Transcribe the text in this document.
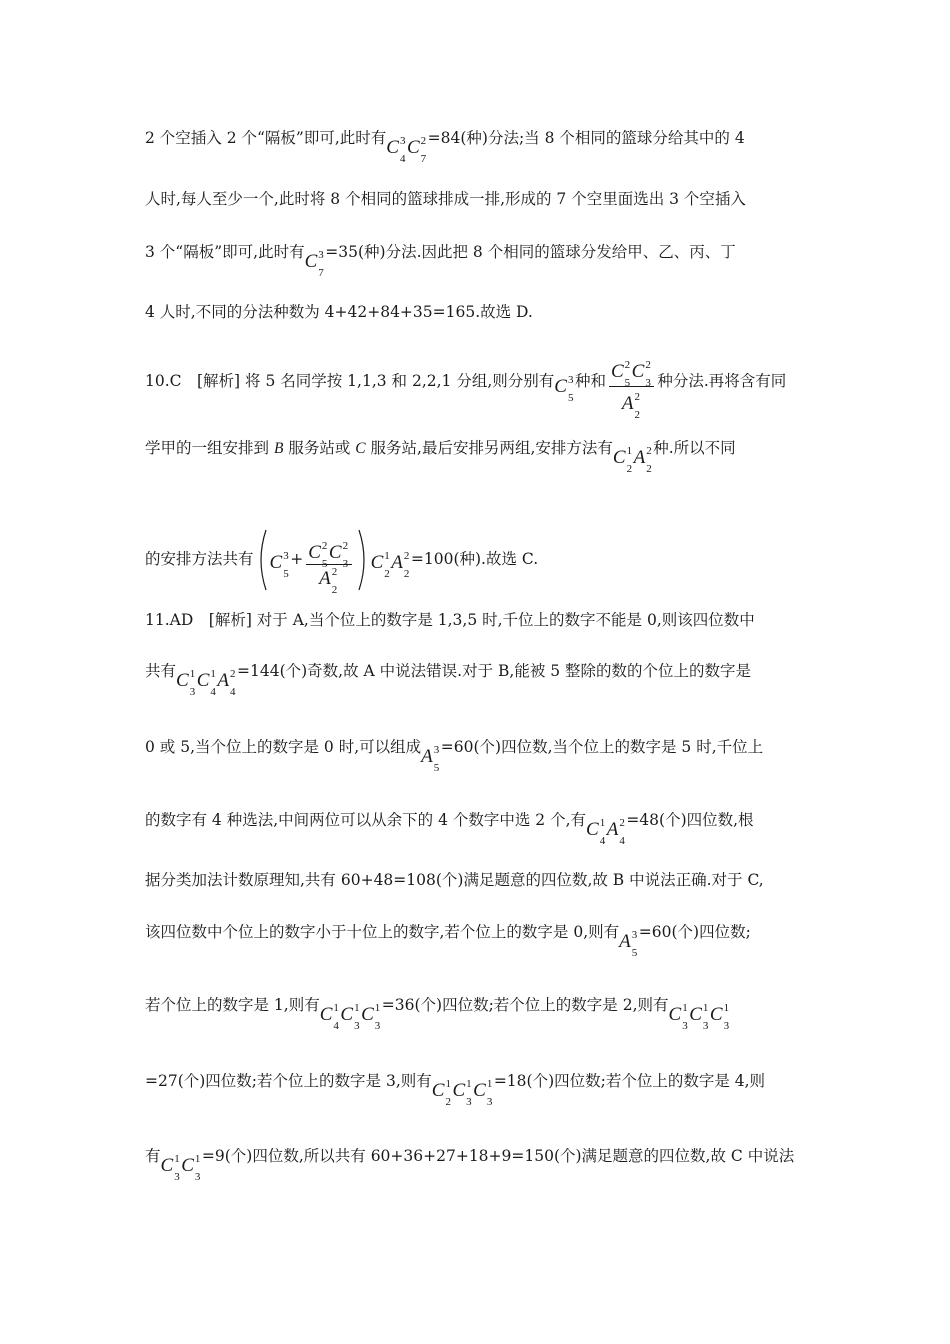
2 个空插入 2 个“隔板”即可,此时有C 3
4
C 2
7
=84(种)分法;当 8 个相同的篮球分给其中的 4
人时,每人至少一个,此时将 8 个相同的篮球排成一排,形成的 7 个空里面选出 3 个空插入
3 个“隔板”即可,此时有C 3
7
=35(种)分法.因此把 8 个相同的篮球分发给甲、乙、丙、丁
4 人时,不同的分法种数为 4+42+84+35=165.故选 D.
10.C　[解析] 将 5 名同学按 1,1,3 和 2,2,1 分组,则分别有C 3
5
种和 C 2
5
C 2
3
A 2
2 种分法.再将含有同
学甲的一组安排到 B 服务站或 C 服务站,最后安排另两组,安排方法有C 1
2
A 2
2
种.所以不同
的安排方法共有 C 3
5
+ C 2
5
C 2
3
A 2
2 C 1
2
A 2
2
=100(种).故选 C.
11.AD　[解析] 对于 A,当个位上的数字是 1,3,5 时,千位上的数字不能是 0,则该四位数中
共有C 1
3
C 1
4
A 2
4
=144(个)奇数,故 A 中说法错误.对于 B,能被 5 整除的数的个位上的数字是
0 或 5,当个位上的数字是 0 时,可以组成A 3
5
=60(个)四位数,当个位上的数字是 5 时,千位上
的数字有 4 种选法,中间两位可以从余下的 4 个数字中选 2 个,有C 1
4
A 2
4
=48(个)四位数,根
据分类加法计数原理知,共有 60+48=108(个)满足题意的四位数,故 B 中说法正确.对于 C,
该四位数中个位上的数字小于十位上的数字,若个位上的数字是 0,则有A 3
5
=60(个)四位数;
若个位上的数字是 1,则有C 1
4
C 1
3
C 1
3
=36(个)四位数;若个位上的数字是 2,则有C 1
3
C 1
3
C 1
3
=27(个)四位数;若个位上的数字是 3,则有C 1
2
C 1
3
C 1
3
=18(个)四位数;若个位上的数字是 4,则
有C 1
3
C 1
3
=9(个)四位数,所以共有 60+36+27+18+9=150(个)满足题意的四位数,故 C 中说法
